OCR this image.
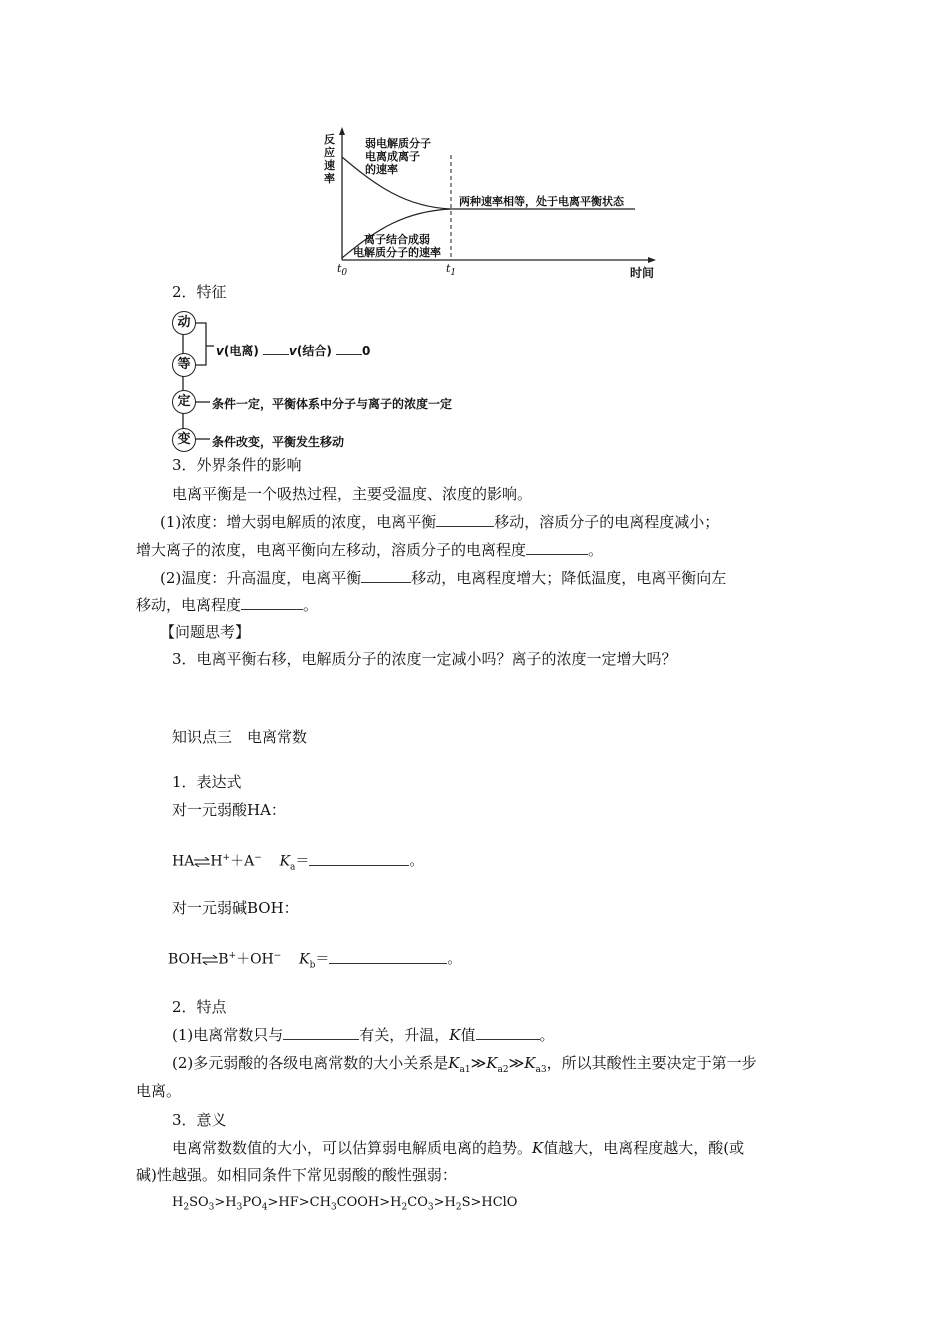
反
应
速
率
弱电解质分子
电离成离子
的速率
两种速率相等，处于电离平衡状态
离子结合成弱
电解质分子的速率
$t_0$	$t_1$	时间
2．特征
动
等
定
变
v(电离)	v(结合)	0
条件一定，平衡体系中分子与离子的浓度一定
条件改变，平衡发生移动
3．外界条件的影响
电离平衡是一个吸热过程，主要受温度、浓度的影响。
(1)浓度：增大弱电解质的浓度，电离平衡	移动，溶质分子的电离程度减小；
增大离子的浓度，电离平衡向左移动，溶质分子的电离程度	。
(2)温度：升高温度，电离平衡	移动，电离程度增大；降低温度，电离平衡向左
移动，电离程度	。
【问题思考】
3．电离平衡右移，电解质分子的浓度一定减小吗？离子的浓度一定增大吗？
知识点三　电离常数
1．表达式
对一元弱酸HA：
HA⇌H+＋A− $K_a=$	。
对一元弱碱BOH：
BOH⇌B+＋OH− $K_b=$	。
2．特点
(1)电离常数只与	有关，升温，K值	。
(2)多元弱酸的各级电离常数的大小关系是$K_{a1}≫K_{a2}≫K_{a3}$，所以其酸性主要决定于第一步
电离。
3．意义
电离常数数值的大小，可以估算弱电解质电离的趋势。K值越大，电离程度越大，酸(或
碱)性越强。如相同条件下常见弱酸的酸性强弱：
$H_2SO_3>H_3PO_4>HF>CH_3COOH>H_2CO_3>H_2S>HClO$
